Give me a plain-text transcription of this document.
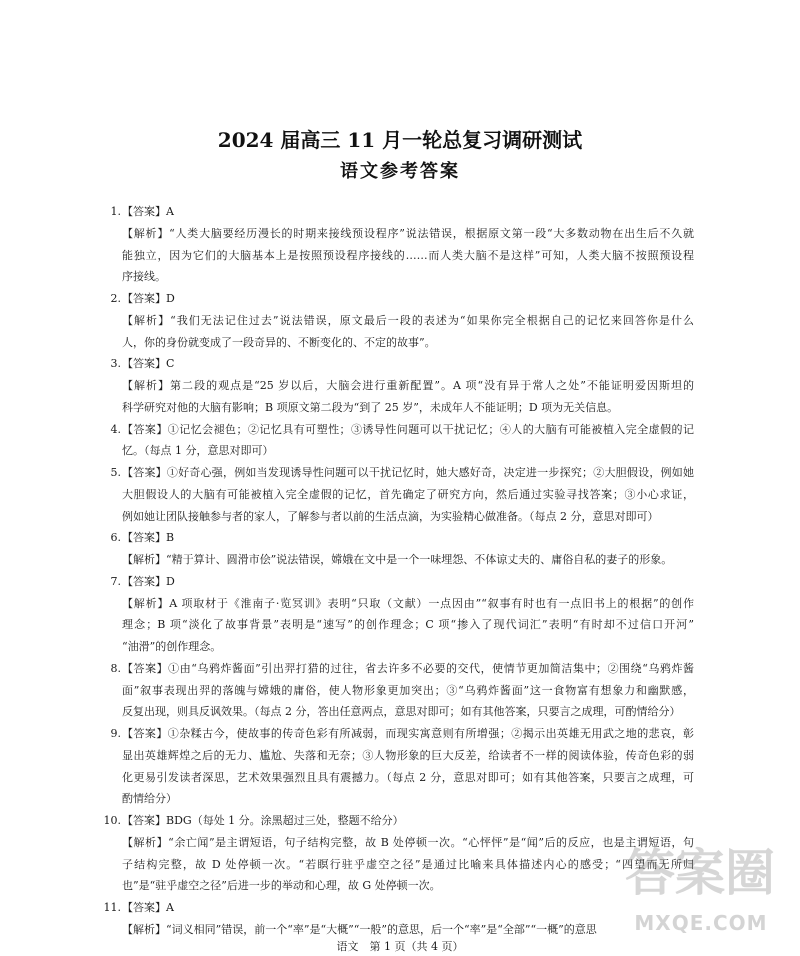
2024 届高三 11 月一轮总复习调研测试
语文参考答案
1. 【答案】A
【解析】“人类大脑要经历漫长的时期来接线预设程序”说法错误，根据原文第一段“大多数动物在出生后不久就
能独立，因为它们的大脑基本上是按照预设程序接线的……而人类大脑不是这样”可知，人类大脑不按照预设程
序接线。
2. 【答案】D
【解析】“我们无法记住过去”说法错误，原文最后一段的表述为“如果你完全根据自己的记忆来回答你是什么
人，你的身份就变成了一段奇异的、不断变化的、不定的故事”。
3. 【答案】C
【解析】第二段的观点是“25 岁以后，大脑会进行重新配置”。A 项“没有异于常人之处”不能证明爱因斯坦的
科学研究对他的大脑有影响；B 项原文第二段为“到了 25 岁”，未成年人不能证明；D 项为无关信息。
4. 【答案】①记忆会褪色；②记忆具有可塑性；③诱导性问题可以干扰记忆；④人的大脑有可能被植入完全虚假的记
忆。（每点 1 分，意思对即可）
5. 【答案】①好奇心强，例如当发现诱导性问题可以干扰记忆时，她大感好奇，决定进一步探究；②大胆假设，例如她
大胆假设人的大脑有可能被植入完全虚假的记忆，首先确定了研究方向，然后通过实验寻找答案；③小心求证，
例如她让团队接触参与者的家人，了解参与者以前的生活点滴，为实验精心做准备。（每点 2 分，意思对即可）
6. 【答案】B
【解析】“精于算计、圆滑市侩”说法错误，嫦娥在文中是一个一味埋怨、不体谅丈夫的、庸俗自私的妻子的形象。
7. 【答案】D
【解析】A 项取材于《淮南子·览冥训》表明“只取（文献）一点因由”“叙事有时也有一点旧书上的根据”的创作
理念；B 项“淡化了故事背景”表明是“速写”的创作理念；C 项“掺入了现代词汇”表明“有时却不过信口开河”
“油滑”的创作理念。
8. 【答案】①由“乌鸦炸酱面”引出羿打猎的过往，省去许多不必要的交代，使情节更加简洁集中；②围绕“乌鸦炸酱
面”叙事表现出羿的落魄与嫦娥的庸俗，使人物形象更加突出；③“乌鸦炸酱面”这一食物富有想象力和幽默感，
反复出现，则具反讽效果。（每点 2 分，答出任意两点，意思对即可；如有其他答案，只要言之成理，可酌情给分）
9. 【答案】①杂糅古今，使故事的传奇色彩有所减弱，而现实寓意则有所增强；②揭示出英雄无用武之地的悲哀，彰
显出英雄辉煌之后的无力、尴尬、失落和无奈；③人物形象的巨大反差，给读者不一样的阅读体验，传奇色彩的弱
化更易引发读者深思，艺术效果强烈且具有震撼力。（每点 2 分，意思对即可；如有其他答案，只要言之成理，可
酌情给分）
10. 【答案】BDG（每处 1 分。涂黑超过三处，整题不给分）
【解析】“余亡闻”是主谓短语，句子结构完整，故 B 处停顿一次。“心怦怦”是“闻”后的反应，也是主谓短语，句
子结构完整，故 D 处停顿一次。“若瞑行驻乎虚空之径”是通过比喻来具体描述内心的感受；“四望而无所归
也”是“驻乎虚空之径”后进一步的举动和心理，故 G 处停顿一次。
11. 【答案】A
【解析】“词义相同”错误，前一个“率”是“大概”“一般”的意思，后一个“率”是“全部”“一概”的意思
语文　第 1 页（共 4 页）
答案圈
MXQE.COM
